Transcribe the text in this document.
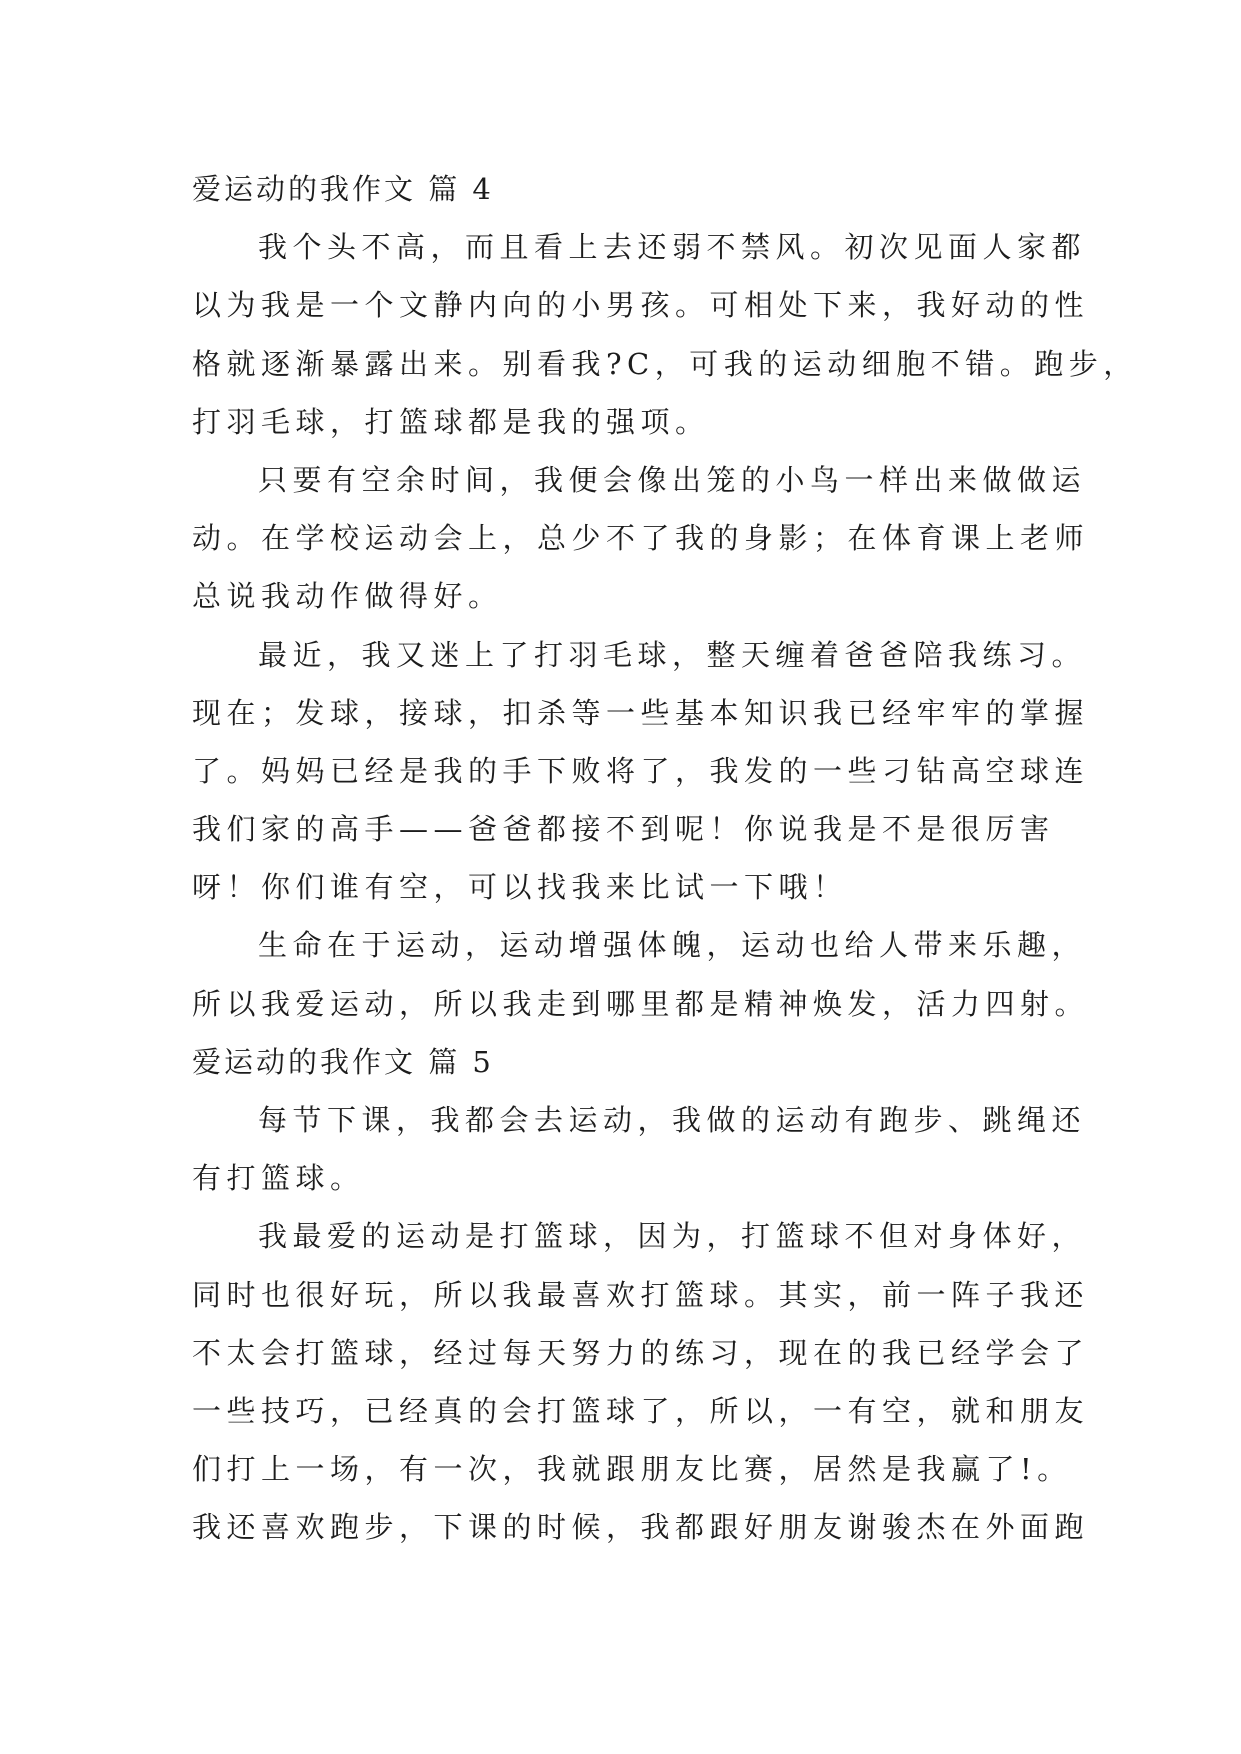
爱运动的我作文 篇 4
我个头不高，而且看上去还弱不禁风。初次见面人家都
以为我是一个文静内向的小男孩。可相处下来，我好动的性
格就逐渐暴露出来。别看我?C，可我的运动细胞不错。跑步，
打羽毛球，打篮球都是我的强项。
只要有空余时间，我便会像出笼的小鸟一样出来做做运
动。在学校运动会上，总少不了我的身影；在体育课上老师
总说我动作做得好。
最近，我又迷上了打羽毛球，整天缠着爸爸陪我练习。
现在；发球，接球，扣杀等一些基本知识我已经牢牢的掌握
了。妈妈已经是我的手下败将了，我发的一些刁钻高空球连
我们家的高手——爸爸都接不到呢！你说我是不是很厉害
呀！你们谁有空，可以找我来比试一下哦！
生命在于运动，运动增强体魄，运动也给人带来乐趣，
所以我爱运动，所以我走到哪里都是精神焕发，活力四射。
爱运动的我作文 篇 5
每节下课，我都会去运动，我做的运动有跑步、跳绳还
有打篮球。
我最爱的运动是打篮球，因为，打篮球不但对身体好，
同时也很好玩，所以我最喜欢打篮球。其实，前一阵子我还
不太会打篮球，经过每天努力的练习，现在的我已经学会了
一些技巧，已经真的会打篮球了，所以，一有空，就和朋友
们打上一场，有一次，我就跟朋友比赛，居然是我赢了!。
我还喜欢跑步，下课的时候，我都跟好朋友谢骏杰在外面跑
